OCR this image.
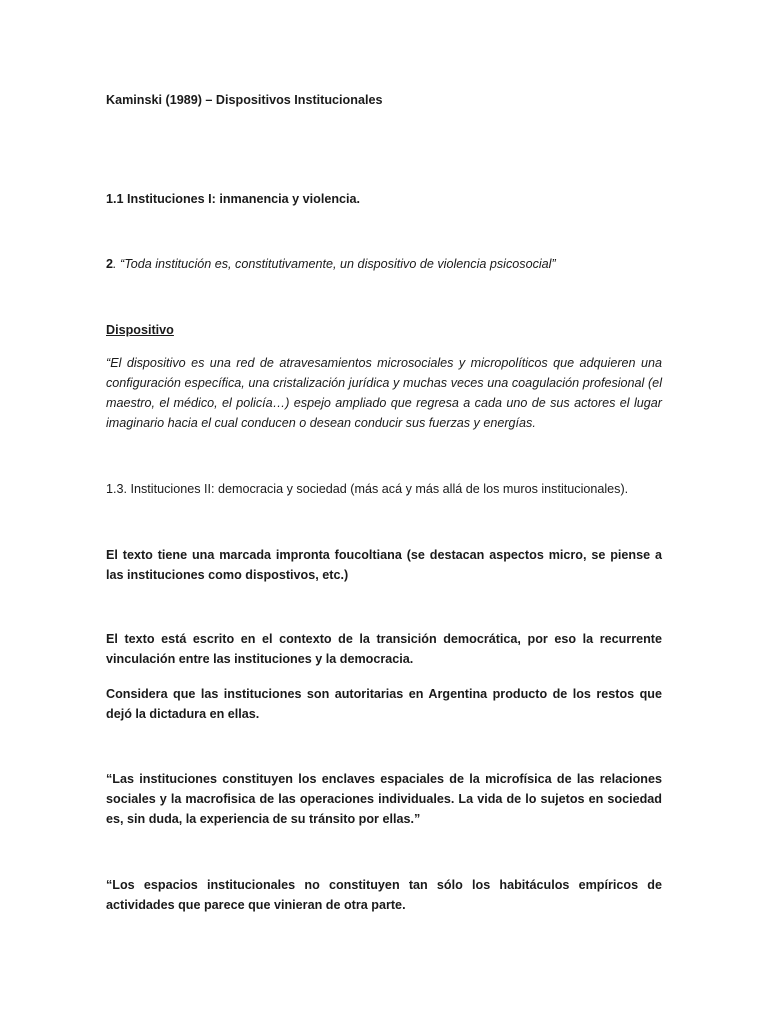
Kaminski (1989) – Dispositivos Institucionales

1.1 Instituciones I: inmanencia y violencia.

2. “Toda institución es, constitutivamente, un dispositivo de violencia psicosocial”

Dispositivo

“El dispositivo es una red de atravesamientos microsociales y micropolíticos que adquieren una configuración específica, una cristalización jurídica y muchas veces una coagulación profesional (el maestro, el médico, el policía…) espejo ampliado que regresa a cada uno de sus actores el lugar imaginario hacia el cual conducen o desean conducir sus fuerzas y energías.

1.3. Instituciones II: democracia y sociedad (más acá y más allá de los muros institucionales).

El texto tiene una marcada impronta foucoltiana (se destacan aspectos micro, se piense a las instituciones como dispostivos, etc.)

El texto está escrito en el contexto de la transición democrática, por eso la recurrente vinculación entre las instituciones y la democracia.

Considera que las instituciones son autoritarias en Argentina producto de los restos que dejó la dictadura en ellas.

“Las instituciones constituyen los enclaves espaciales de la microfísica de las relaciones sociales y la macrofisica de las operaciones individuales. La vida de lo sujetos en sociedad es, sin duda, la experiencia de su tránsito por ellas.”

“Los espacios institucionales no constituyen tan sólo los habitáculos empíricos de actividades que parece que vinieran de otra parte.
